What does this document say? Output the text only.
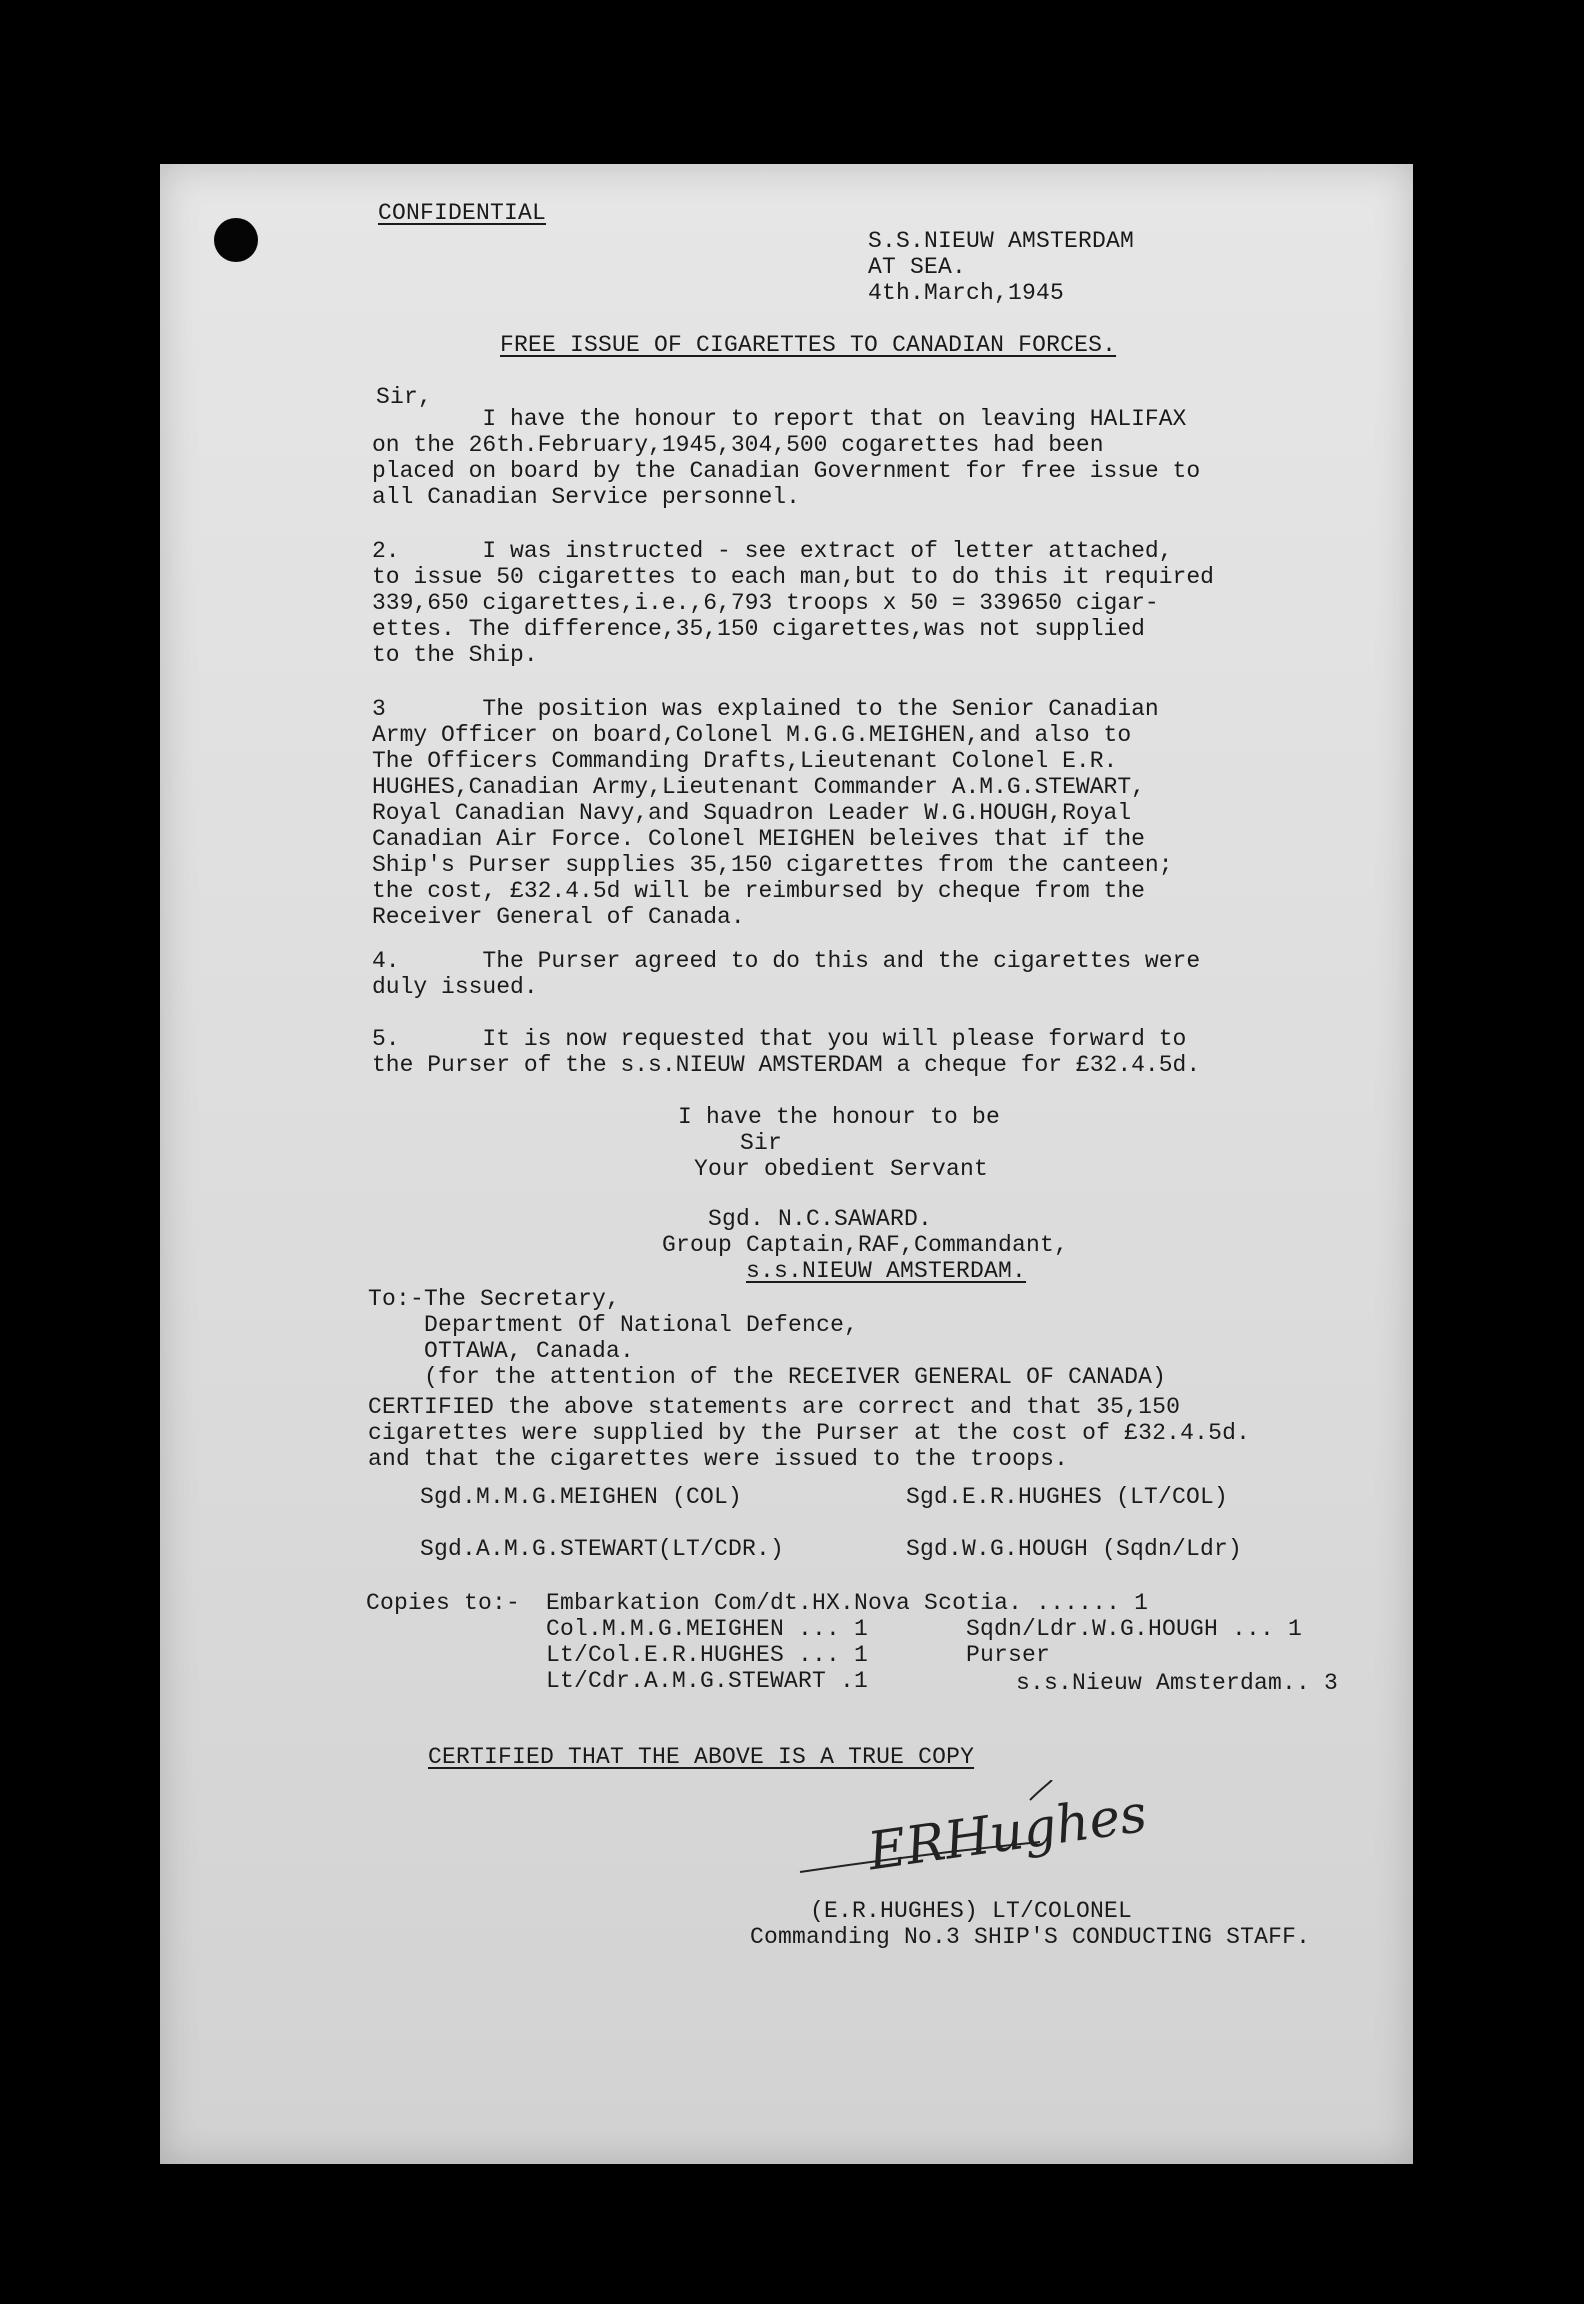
CONFIDENTIAL
S.S.NIEUW AMSTERDAM
AT SEA.
4th.March,1945
FREE ISSUE OF CIGARETTES TO CANADIAN FORCES.
Sir,
I have the honour to report that on leaving HALIFAX
on the 26th.February,1945,304,500 cogarettes had been
placed on board by the Canadian Government for free issue to
all Canadian Service personnel.
2.      I was instructed - see extract of letter attached,
to issue 50 cigarettes to each man,but to do this it required
339,650 cigarettes,i.e.,6,793 troops x 50 = 339650 cigar-
ettes. The difference,35,150 cigarettes,was not supplied
to the Ship.
3       The position was explained to the Senior Canadian
Army Officer on board,Colonel M.G.G.MEIGHEN,and also to
The Officers Commanding Drafts,Lieutenant Colonel E.R.
HUGHES,Canadian Army,Lieutenant Commander A.M.G.STEWART,
Royal Canadian Navy,and Squadron Leader W.G.HOUGH,Royal
Canadian Air Force. Colonel MEIGHEN beleives that if the
Ship's Purser supplies 35,150 cigarettes from the canteen;
the cost, £32.4.5d will be reimbursed by cheque from the
Receiver General of Canada.
4.      The Purser agreed to do this and the cigarettes were
duly issued.
5.      It is now requested that you will please forward to
the Purser of the s.s.NIEUW AMSTERDAM a cheque for £32.4.5d.
I have the honour to be
Sir
Your obedient Servant
Sgd. N.C.SAWARD.
Group Captain,RAF,Commandant,
s.s.NIEUW AMSTERDAM.
To:-The Secretary,
Department Of National Defence,
OTTAWA, Canada.
(for the attention of the RECEIVER GENERAL OF CANADA)
CERTIFIED the above statements are correct and that 35,150
cigarettes were supplied by the Purser at the cost of £32.4.5d.
and that the cigarettes were issued to the troops.
Sgd.M.M.G.MEIGHEN (COL)	Sgd.E.R.HUGHES (LT/COL)
Sgd.A.M.G.STEWART(LT/CDR.)	Sgd.W.G.HOUGH (Sqdn/Ldr)
Copies to:- Embarkation Com/dt.HX.Nova Scotia. ...... 1
Col.M.M.G.MEIGHEN ... 1
Lt/Col.E.R.HUGHES ... 1
Lt/Cdr.A.M.G.STEWART .1
Sqdn/Ldr.W.G.HOUGH ... 1
Purser
s.s.Nieuw Amsterdam.. 3
CERTIFIED THAT THE ABOVE IS A TRUE COPY
ERHughes
(E.R.HUGHES) LT/COLONEL
Commanding No.3 SHIP'S CONDUCTING STAFF.
